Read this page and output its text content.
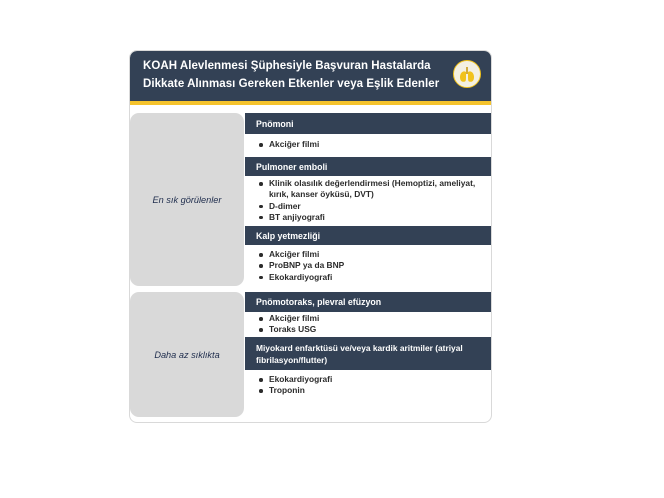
KOAH Alevlenmesi Şüphesiyle Başvuran Hastalarda
Dikkate Alınması Gereken Etkenler veya Eşlik Edenler
En sık görülenler
Daha az sıklıkta
Pnömoni
Akciğer filmi
Pulmoner emboli
Klinik olasılık değerlendirmesi (Hemoptizi, ameliyat, kırık, kanser öyküsü, DVT)
D-dimer
BT anjiyografi
Kalp yetmezliği
Akciğer filmi
ProBNP ya da BNP
Ekokardiyografi
Pnömotoraks, plevral efüzyon
Akciğer filmi
Toraks USG
Miyokard enfarktüsü ve/veya kardik aritmiler (atriyal fibrilasyon/flutter)
Ekokardiyografi
Troponin
